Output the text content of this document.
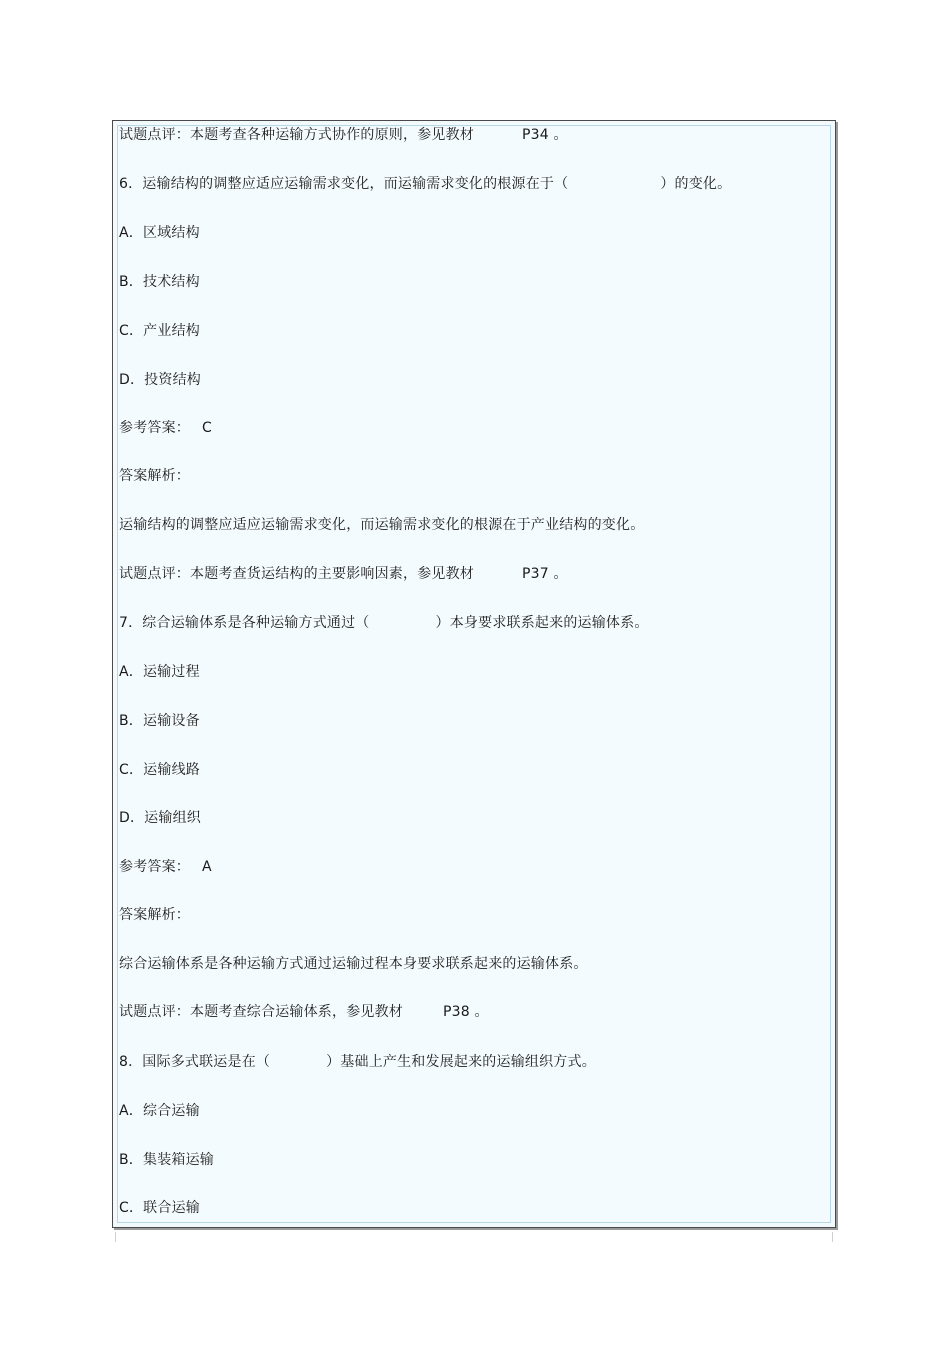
试题点评：本题考查各种运输方式协作的原则，参见教材	P34 。
6．运输结构的调整应适应运输需求变化，而运输需求变化的根源在于（	）的变化。
A．区域结构
B．技术结构
C．产业结构
D．投资结构
参考答案： C
答案解析：
运输结构的调整应适应运输需求变化，而运输需求变化的根源在于产业结构的变化。
试题点评：本题考查货运结构的主要影响因素，参见教材	P37 。
7．综合运输体系是各种运输方式通过（	）本身要求联系起来的运输体系。
A．运输过程
B．运输设备
C．运输线路
D．运输组织
参考答案： A
答案解析：
综合运输体系是各种运输方式通过运输过程本身要求联系起来的运输体系。
试题点评：本题考查综合运输体系，参见教材	P38 。
8．国际多式联运是在（	）基础上产生和发展起来的运输组织方式。
A．综合运输
B．集装箱运输
C．联合运输
